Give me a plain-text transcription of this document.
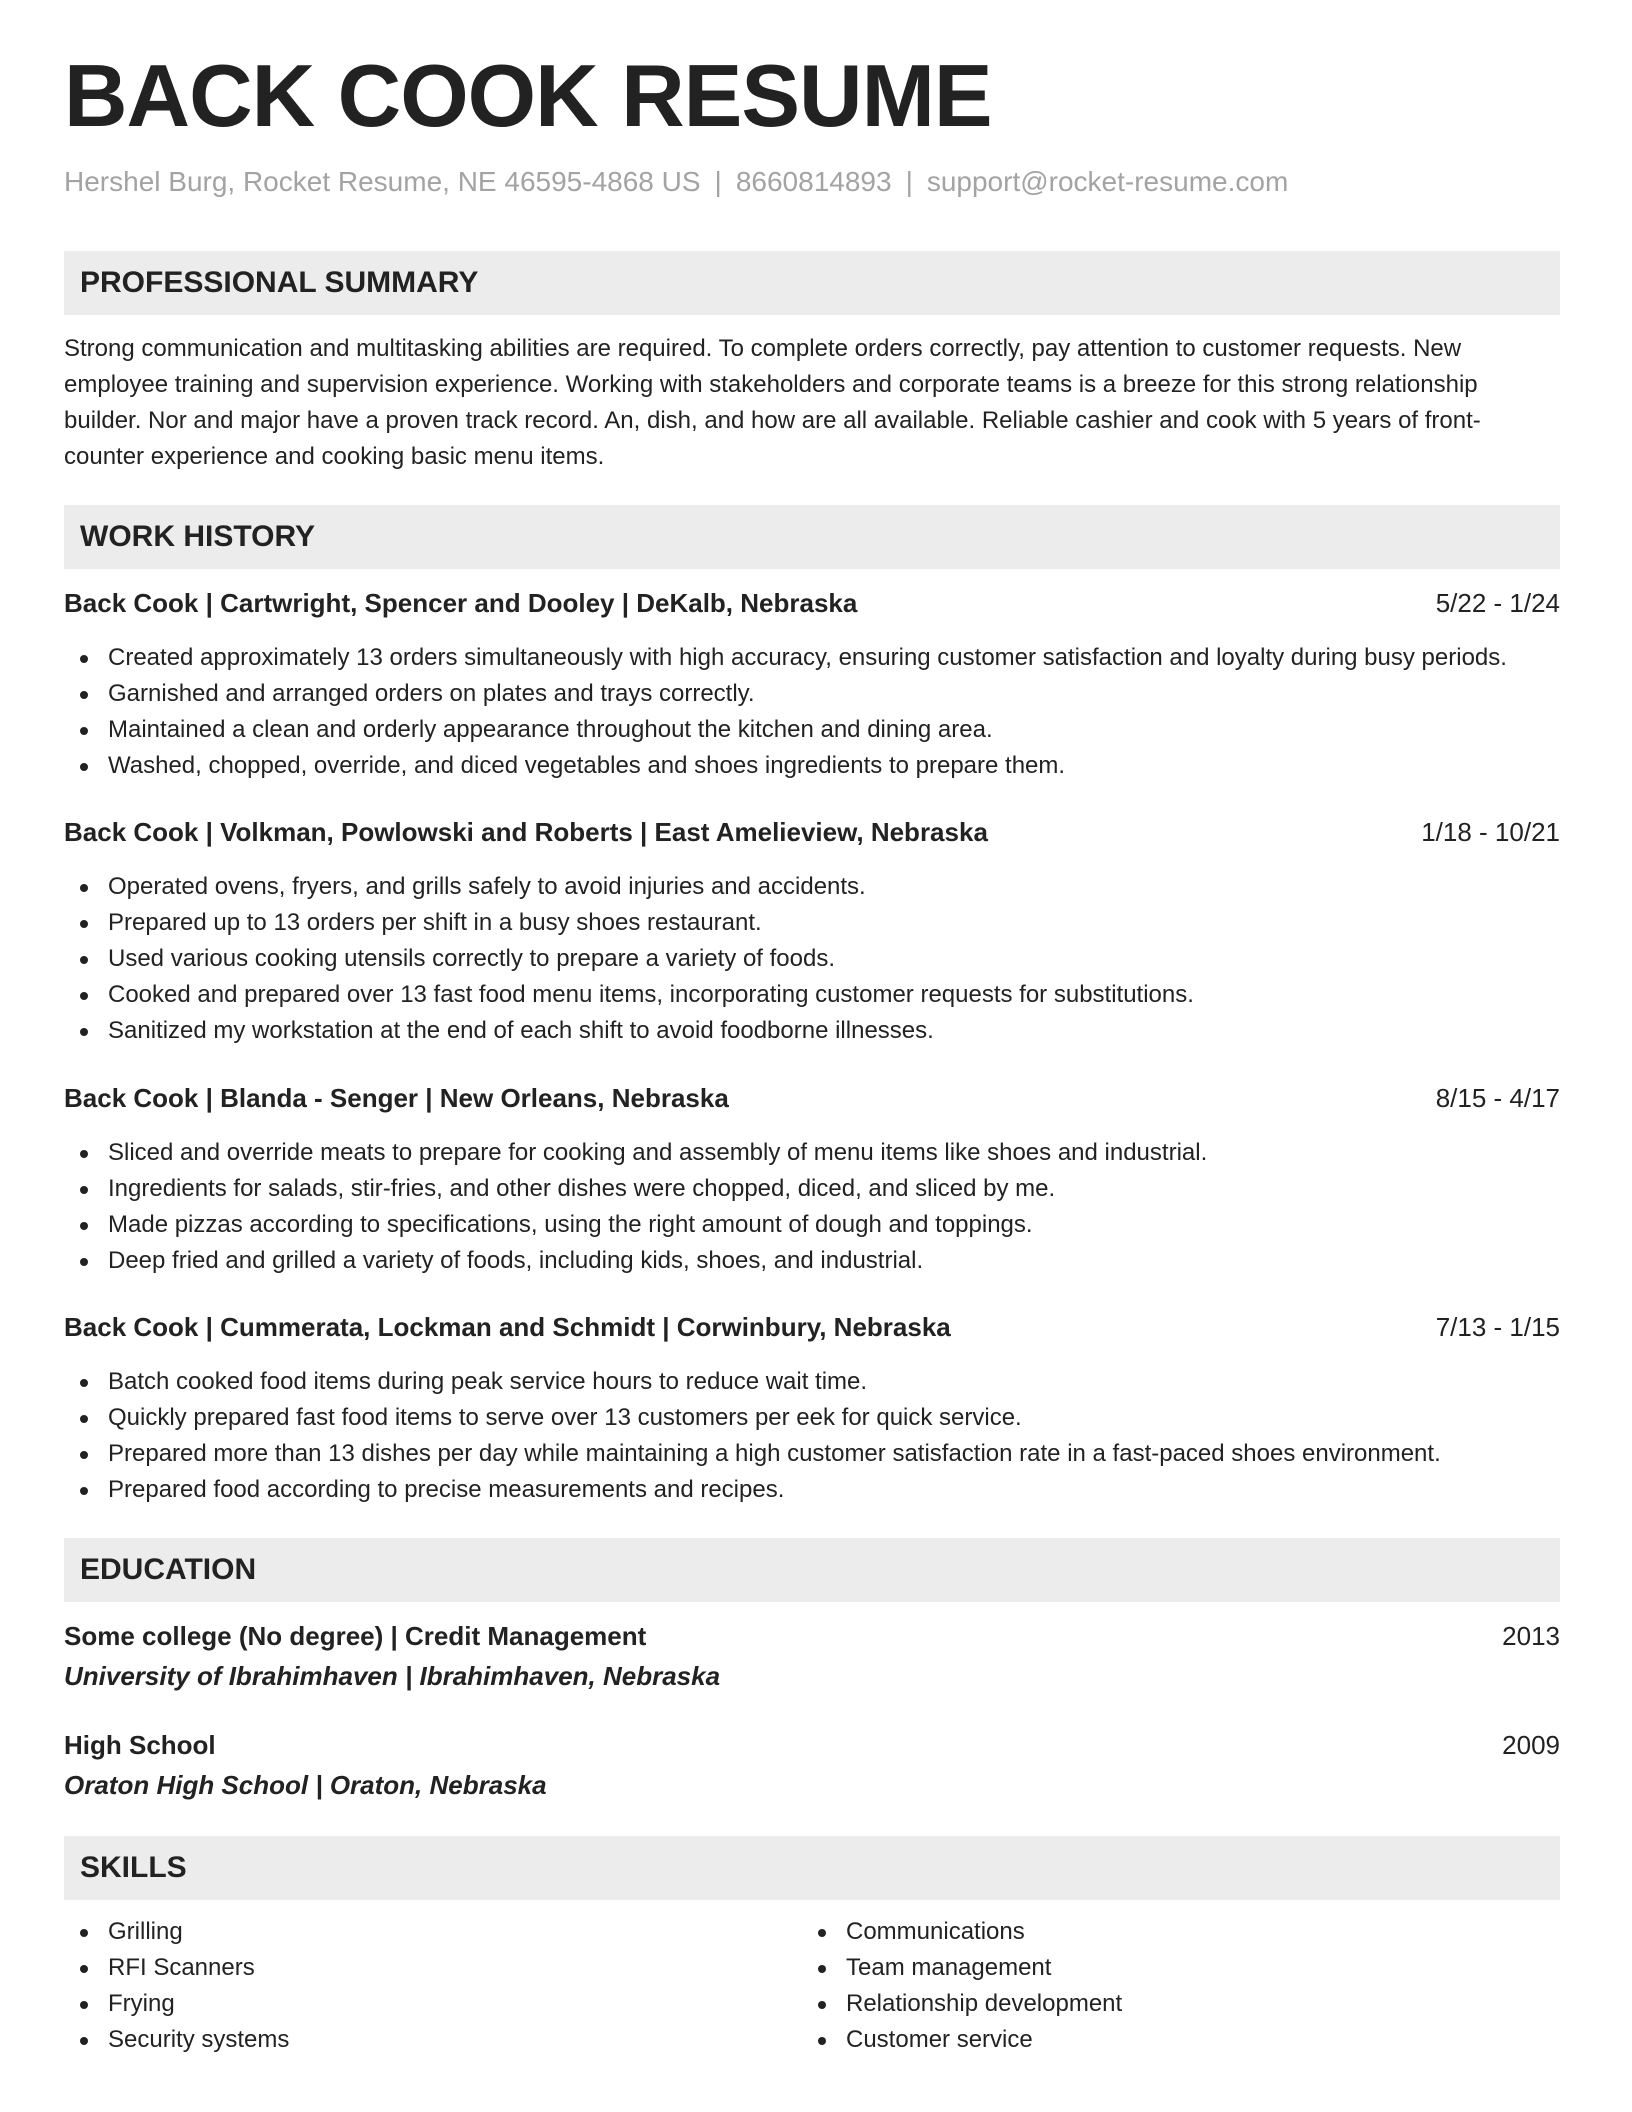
BACK COOK RESUME
Hershel Burg, Rocket Resume, NE 46595-4868 US | 8660814893 | support@rocket-resume.com
PROFESSIONAL SUMMARY

Strong communication and multitasking abilities are required. To complete orders correctly, pay attention to customer requests. New employee training and supervision experience. Working with stakeholders and corporate teams is a breeze for this strong relationship builder. Nor and major have a proven track record. An, dish, and how are all available. Reliable cashier and cook with 5 years of front-counter experience and cooking basic menu items.

WORK HISTORY
Back Cook | Cartwright, Spencer and Dooley | DeKalb, Nebraska	5/22 - 1/24
Created approximately 13 orders simultaneously with high accuracy, ensuring customer satisfaction and loyalty during busy periods.
Garnished and arranged orders on plates and trays correctly.
Maintained a clean and orderly appearance throughout the kitchen and dining area.
Washed, chopped, override, and diced vegetables and shoes ingredients to prepare them.
Back Cook | Volkman, Powlowski and Roberts | East Amelieview, Nebraska	1/18 - 10/21
Operated ovens, fryers, and grills safely to avoid injuries and accidents.
Prepared up to 13 orders per shift in a busy shoes restaurant.
Used various cooking utensils correctly to prepare a variety of foods.
Cooked and prepared over 13 fast food menu items, incorporating customer requests for substitutions.
Sanitized my workstation at the end of each shift to avoid foodborne illnesses.
Back Cook | Blanda - Senger | New Orleans, Nebraska	8/15 - 4/17
Sliced and override meats to prepare for cooking and assembly of menu items like shoes and industrial.
Ingredients for salads, stir-fries, and other dishes were chopped, diced, and sliced by me.
Made pizzas according to specifications, using the right amount of dough and toppings.
Deep fried and grilled a variety of foods, including kids, shoes, and industrial.
Back Cook | Cummerata, Lockman and Schmidt | Corwinbury, Nebraska	7/13 - 1/15
Batch cooked food items during peak service hours to reduce wait time.
Quickly prepared fast food items to serve over 13 customers per eek for quick service.
Prepared more than 13 dishes per day while maintaining a high customer satisfaction rate in a fast-paced shoes environment.
Prepared food according to precise measurements and recipes.
EDUCATION
Some college (No degree) | Credit Management	2013
University of Ibrahimhaven | Ibrahimhaven, Nebraska
High School	2009
Oraton High School | Oraton, Nebraska
SKILLS
Grilling
RFI Scanners
Frying
Security systems
Communications
Team management
Relationship development
Customer service
